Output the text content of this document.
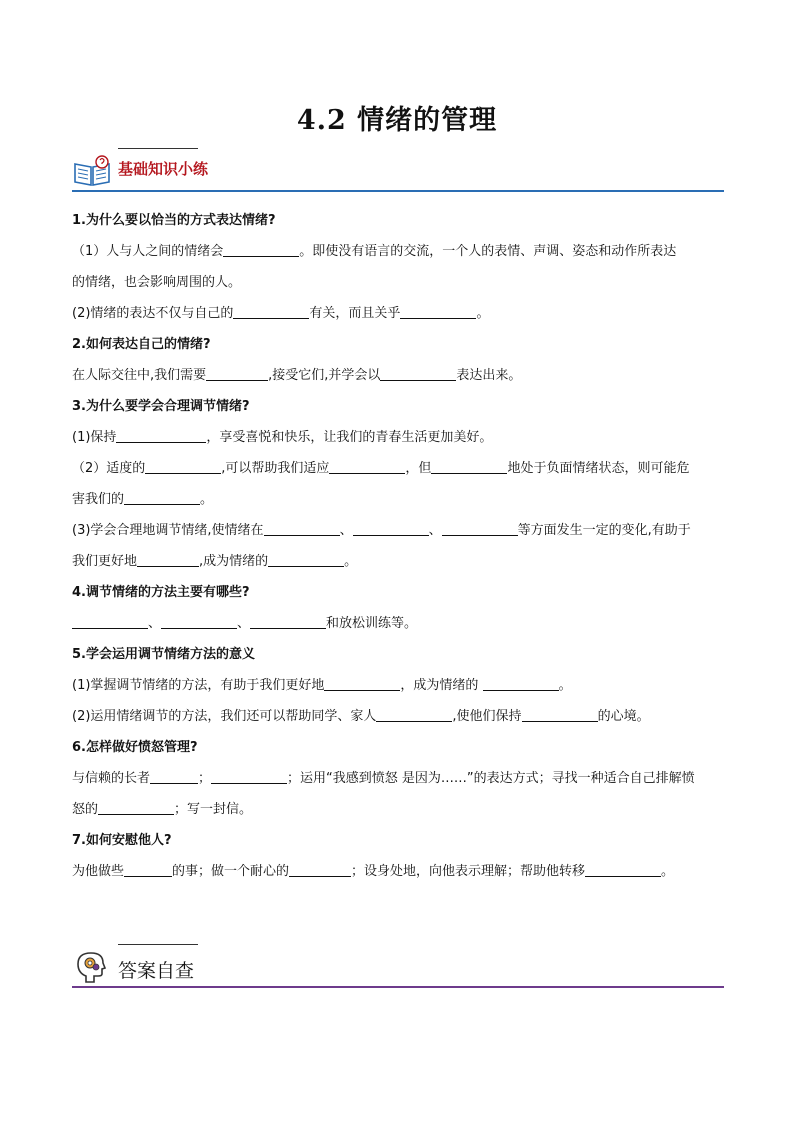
4.2 情绪的管理
基础知识小练
1.为什么要以恰当的方式表达情绪?
（1）人与人之间的情绪会	。即使没有语言的交流，一个人的表情、声调、姿态和动作所表达
的情绪，也会影响周围的人。
(2)情绪的表达不仅与自己的	有关，而且关乎	。
2.如何表达自己的情绪?
在人际交往中,我们需要	,接受它们,并学会以	表达出来。
3.为什么要学会合理调节情绪?
(1)保持	，享受喜悦和快乐，让我们的青春生活更加美好。
（2）适度的	,可以帮助我们适应	，但	地处于负面情绪状态，则可能危
害我们的	。
(3)学会合理地调节情绪,使情绪在	、	、	等方面发生一定的变化,有助于
我们更好地	,成为情绪的	。
4.调节情绪的方法主要有哪些?
、	、	和放松训练等。
5.学会运用调节情绪方法的意义
(1)掌握调节情绪的方法，有助于我们更好地	，成为情绪的	。
(2)运用情绪调节的方法，我们还可以帮助同学、家人	,使他们保持	的心境。
6.怎样做好愤怒管理?
与信赖的长者	；	；运用“我感到愤怒 是因为……”的表达方式；寻找一种适合自己排解愤
怒的	；写一封信。
7.如何安慰他人?
为他做些	的事；做一个耐心的	；设身处地，向他表示理解；帮助他转移	。
答案自查
